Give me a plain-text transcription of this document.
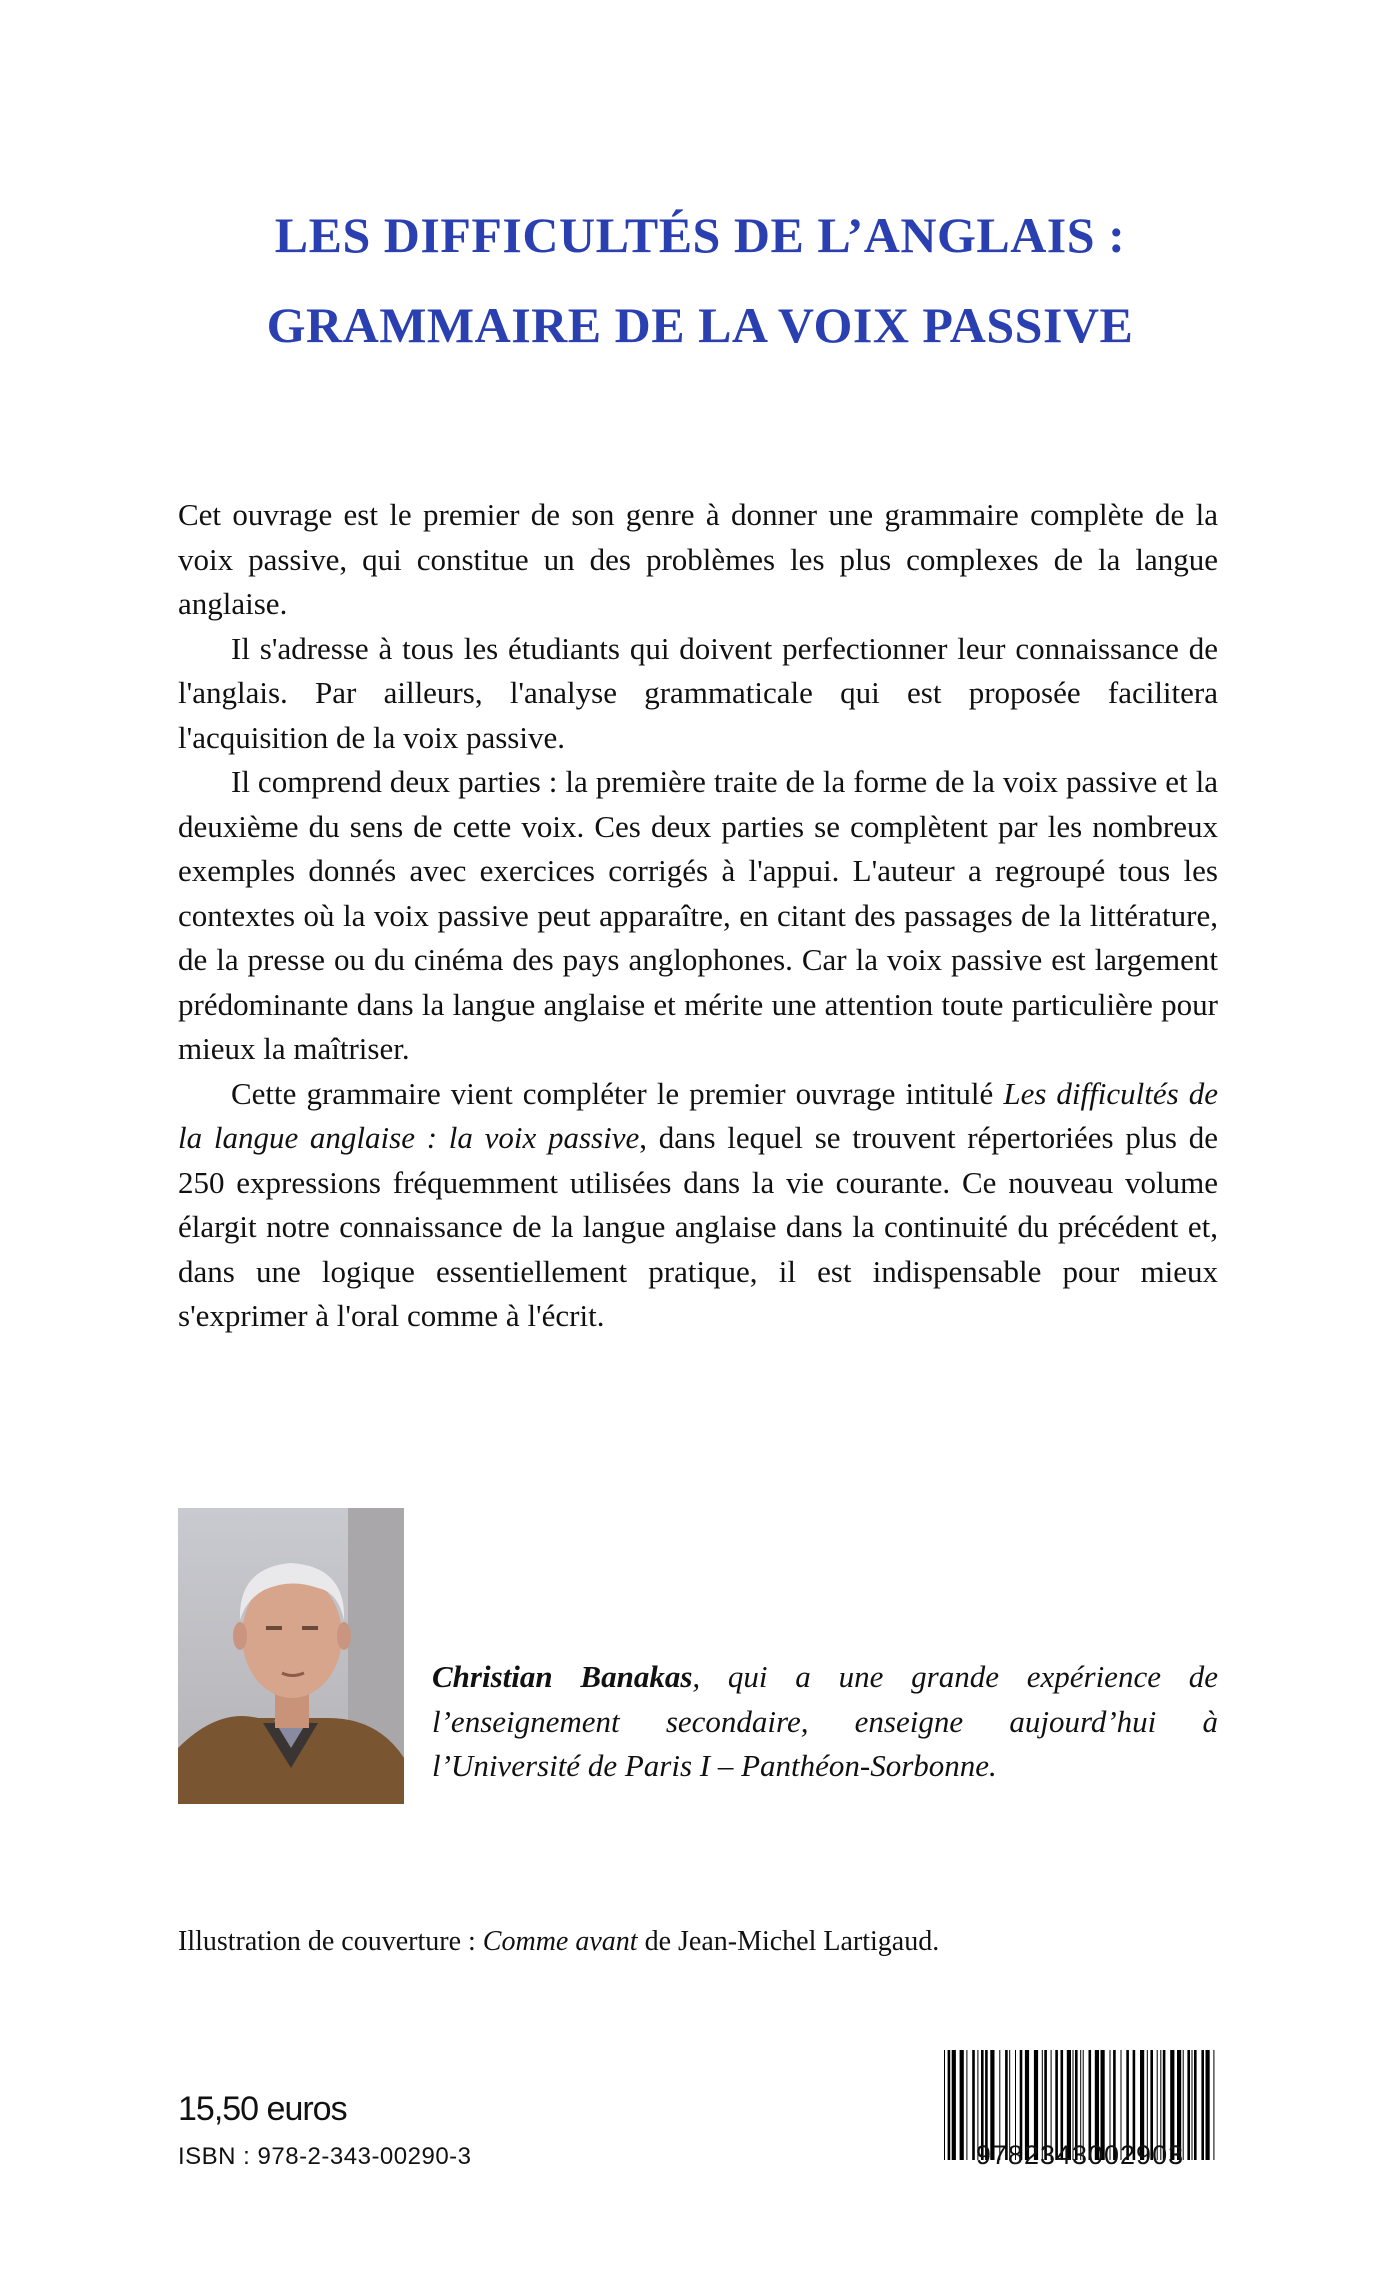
LES DIFFICULTÉS DE L’ANGLAIS :
GRAMMAIRE DE LA VOIX PASSIVE

Cet ouvrage est le premier de son genre à donner une grammaire complète de la voix passive, qui constitue un des problèmes les plus complexes de la langue anglaise.

Il s'adresse à tous les étudiants qui doivent perfectionner leur connaissance de l'anglais. Par ailleurs, l'analyse grammaticale qui est proposée facilitera l'acquisition de la voix passive.

Il comprend deux parties : la première traite de la forme de la voix passive et la deuxième du sens de cette voix. Ces deux parties se complètent par les nombreux exemples donnés avec exercices corrigés à l'appui. L'auteur a regroupé tous les contextes où la voix passive peut apparaître, en citant des passages de la littérature, de la presse ou du cinéma des pays anglophones. Car la voix passive est largement prédominante dans la langue anglaise et mérite une attention toute particulière pour mieux la maîtriser.

Cette grammaire vient compléter le premier ouvrage intitulé Les difficultés de la langue anglaise : la voix passive, dans lequel se trouvent répertoriées plus de 250 expressions fréquemment utilisées dans la vie courante. Ce nouveau volume élargit notre connaissance de la langue anglaise dans la continuité du précédent et, dans une logique essentiellement pratique, il est indispensable pour mieux s'exprimer à l'oral comme à l'écrit.

Christian Banakas, qui a une grande expérience de l’enseignement secondaire, enseigne aujourd’hui à l’Université de Paris I – Panthéon-Sorbonne.
Illustration de couverture : Comme avant de Jean-Michel Lartigaud.
15,50 euros
ISBN : 978-2-343-00290-3	9782343002903
